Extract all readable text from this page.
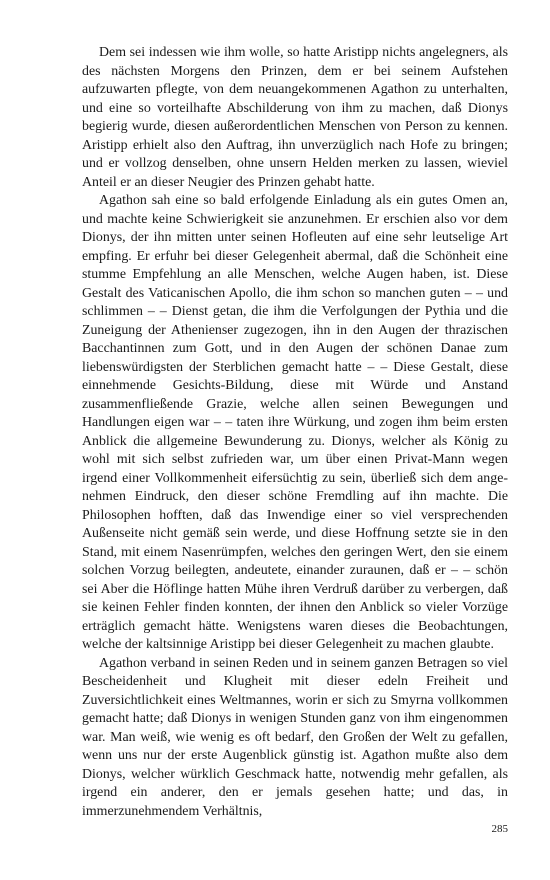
Dem sei indessen wie ihm wolle, so hatte Aristipp nichts angelegners, als des nächsten Morgens den Prinzen, dem er bei seinem Aufstehen aufzuwarten pflegte, von dem neuangekommenen Agathon zu unterhalten, und eine so vorteilhafte Abschilderung von ihm zu machen, daß Dionys begierig wurde, diesen außerordentlichen Menschen von Person zu kennen. Aristipp erhielt also den Auftrag, ihn unverzüglich nach Hofe zu bringen; und er vollzog denselben, ohne unsern Helden merken zu lassen, wieviel Anteil er an dieser Neugier des Prinzen gehabt hatte.

Agathon sah eine so bald erfolgende Einladung als ein gutes Omen an, und machte keine Schwierigkeit sie anzunehmen. Er erschien also vor dem Dionys, der ihn mitten unter seinen Hofleuten auf eine sehr leutselige Art empfing. Er erfuhr bei dieser Gelegenheit abermal, daß die Schönheit eine stumme Empfehlung an alle Menschen, welche Augen haben, ist. Diese Gestalt des Vaticanischen Apollo, die ihm schon so manchen guten – – und schlimmen – – Dienst getan, die ihm die Verfolgungen der Pythia und die Zuneigung der Athenienser zugezogen, ihn in den Augen der thrazischen Bacchantinnen zum Gott, und in den Augen der schönen Danae zum liebenswürdigsten der Sterblichen gemacht hatte – – Diese Gestalt, diese einnehmende Gesichts-Bildung, diese mit Würde und Anstand zusammenfließende Grazie, welche allen seinen Bewegungen und Handlungen eigen war – – taten ihre Würkung, und zogen ihm beim ersten Anblick die allgemeine Bewunderung zu. Dionys, welcher als König zu wohl mit sich selbst zufrieden war, um über einen Privat-Mann wegen irgend einer Vollkommenheit eifersüchtig zu sein, überließ sich dem angenehmen Eindruck, den dieser schöne Fremdling auf ihn machte. Die Philosophen hofften, daß das Inwendige einer so viel versprechenden Außenseite nicht gemäß sein werde, und diese Hoffnung setzte sie in den Stand, mit einem Nasenrümpfen, welches den geringen Wert, den sie einem solchen Vorzug beilegten, andeutete, einander zuraunen, daß er – – schön sei Aber die Höflinge hatten Mühe ihren Verdruß darüber zu verbergen, daß sie keinen Fehler finden konnten, der ihnen den Anblick so vieler Vorzüge erträglich gemacht hätte. Wenigstens waren dieses die Beobachtungen, welche der kaltsinnige Aristipp bei dieser Gelegenheit zu machen glaubte.

Agathon verband in seinen Reden und in seinem ganzen Betragen so viel Bescheidenheit und Klugheit mit dieser edeln Freiheit und Zuversichtlichkeit eines Weltmannes, worin er sich zu Smyrna vollkommen gemacht hatte; daß Dionys in wenigen Stunden ganz von ihm eingenommen war. Man weiß, wie wenig es oft bedarf, den Großen der Welt zu gefallen, wenn uns nur der erste Augenblick günstig ist. Agathon mußte also dem Dionys, welcher würklich Geschmack hatte, notwendig mehr gefallen, als irgend ein anderer, den er jemals gesehen hatte; und das, in immerzunehmendem Verhältnis,

285
